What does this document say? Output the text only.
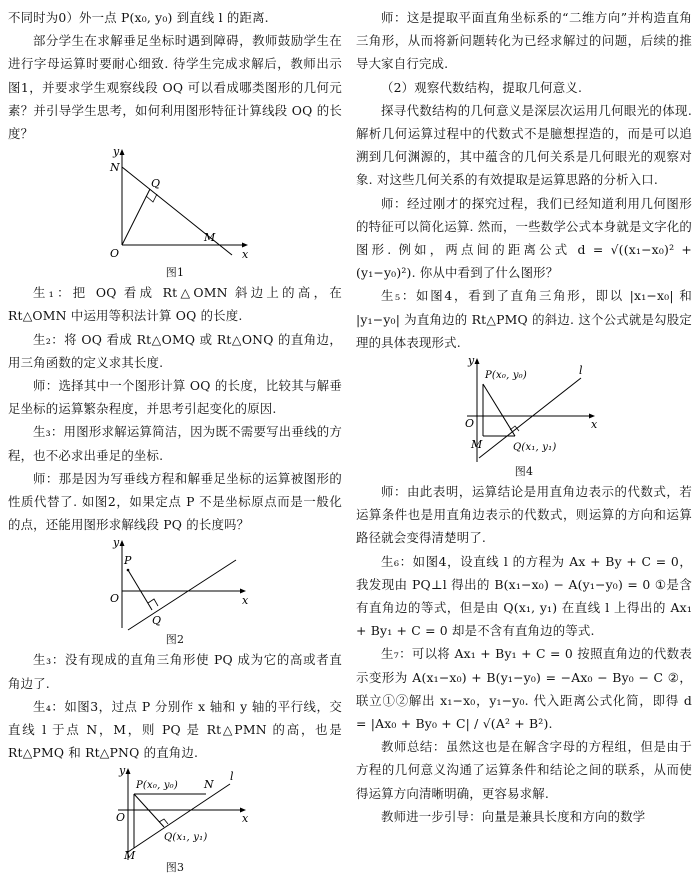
不同时为0）外一点 P(x₀, y₀) 到直线 l 的距离.

部分学生在求解垂足坐标时遇到障碍，教师鼓励学生在进行字母运算时要耐心细致. 待学生完成求解后，教师出示图1，并要求学生观察线段 OQ 可以看成哪类图形的几何元素？并引导学生思考，如何利用图形特征计算线段 OQ 的长度？

y
x
N
Q
O
M
图1

生₁：把 OQ 看成 Rt△OMN 斜边上的高，在 Rt△OMN 中运用等积法计算 OQ 的长度.

生₂：将 OQ 看成 Rt△OMQ 或 Rt△ONQ 的直角边，用三角函数的定义求其长度.

师：选择其中一个图形计算 OQ 的长度，比较其与解垂足坐标的运算繁杂程度，并思考引起变化的原因.

生₃：用图形求解运算简洁，因为既不需要写出垂线的方程，也不必求出垂足的坐标.

师：那是因为写垂线方程和解垂足坐标的运算被图形的性质代替了. 如图2，如果定点 P 不是坐标原点而是一般化的点，还能用图形求解线段 PQ 的长度吗？

y
x
P
O
Q
图2

生₃：没有现成的直角三角形使 PQ 成为它的高或者直角边了.

生₄：如图3，过点 P 分别作 x 轴和 y 轴的平行线，交直线 l 于点 N，M，则 PQ 是 Rt△PMN 的高，也是 Rt△PMQ 和 Rt△PNQ 的直角边.

y
x
P(x₀, y₀) N
l
O
Q(x₁, y₁)
M
图3

师：这是提取平面直角坐标系的“二维方向”并构造直角三角形，从而将新问题转化为已经求解过的问题，后续的推导大家自行完成.

（2）观察代数结构，提取几何意义.

探寻代数结构的几何意义是深层次运用几何眼光的体现. 解析几何运算过程中的代数式不是臆想捏造的，而是可以追溯到几何渊源的，其中蕴含的几何关系是几何眼光的观察对象. 对这些几何关系的有效提取是运算思路的分析入口.

师：经过刚才的探究过程，我们已经知道利用几何图形的特征可以简化运算. 然而，一些数学公式本身就是文字化的图形. 例如，两点间的距离公式 d = √((x₁−x₀)² + (y₁−y₀)²). 你从中看到了什么图形？

生₅：如图4，看到了直角三角形，即以 |x₁−x₀| 和 |y₁−y₀| 为直角边的 Rt△PMQ 的斜边. 这个公式就是勾股定理的具体表现形式.

y
x
P(x₀, y₀)	l
O
M	Q(x₁, y₁)
图4

师：由此表明，运算结论是用直角边表示的代数式，若运算条件也是用直角边表示的代数式，则运算的方向和运算路径就会变得清楚明了.

生₆：如图4，设直线 l 的方程为 Ax + By + C = 0，我发现由 PQ⊥l 得出的 B(x₁−x₀) − A(y₁−y₀) = 0 ①是含有直角边的等式，但是由 Q(x₁, y₁) 在直线 l 上得出的 Ax₁ + By₁ + C = 0 却是不含有直角边的等式.

生₇：可以将 Ax₁ + By₁ + C = 0 按照直角边的代数表示变形为 A(x₁−x₀) + B(y₁−y₀) = −Ax₀ − By₀ − C ②，联立①②解出 x₁−x₀，y₁−y₀. 代入距离公式化简，即得 d = |Ax₀ + By₀ + C| / √(A² + B²).

教师总结：虽然这也是在解含字母的方程组，但是由于方程的几何意义沟通了运算条件和结论之间的联系，从而使得运算方向清晰明确，更容易求解.

教师进一步引导：向量是兼具长度和方向的数学
